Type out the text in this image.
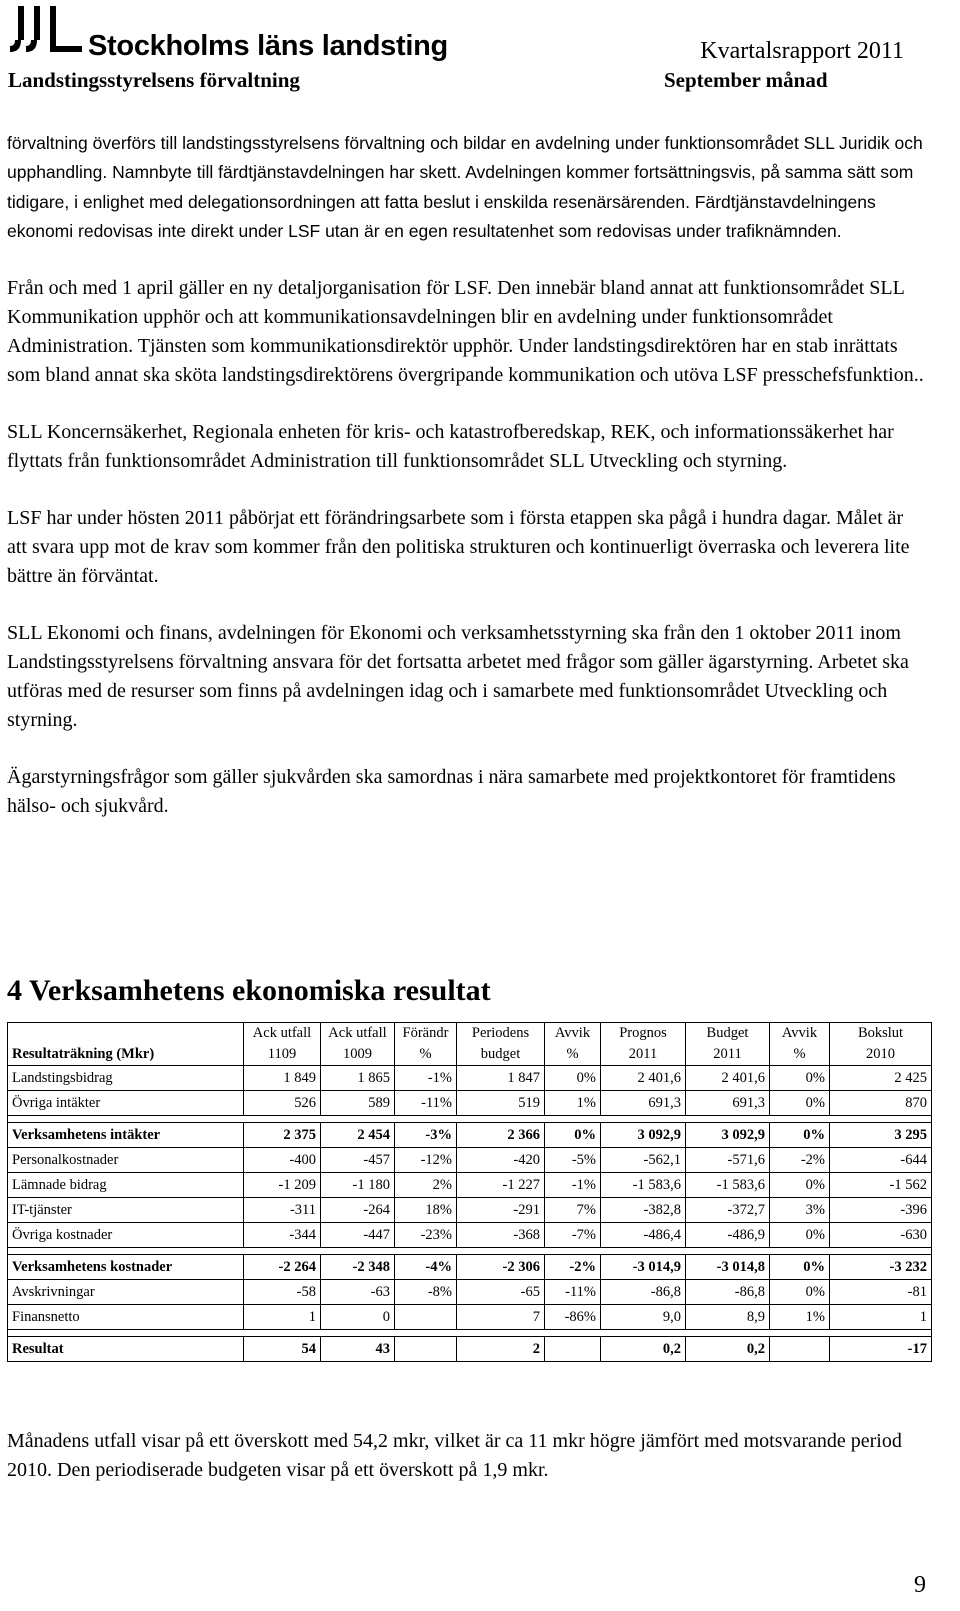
Stockholms läns landsting
Landstingsstyrelsens förvaltning
Kvartalsrapport 2011
September månad

förvaltning överförs till landstingsstyrelsens förvaltning och bildar en avdelning under funktionsområdet SLL Juridik och upphandling. Namnbyte till färdtjänstavdelningen har skett. Avdelningen kommer fortsättningsvis, på samma sätt som tidigare, i enlighet med delegationsordningen att fatta beslut i enskilda resenärsärenden. Färdtjänstavdelningens ekonomi redovisas inte direkt under LSF utan är en egen resultatenhet som redovisas under trafiknämnden.

Från och med 1 april gäller en ny detaljorganisation för LSF. Den innebär bland annat att funktionsområdet SLL Kommunikation upphör och att kommunikationsavdelningen blir en avdelning under funktionsområdet Administration. Tjänsten som kommunikationsdirektör upphör. Under landstingsdirektören har en stab inrättats som bland annat ska sköta landstingsdirektörens övergripande kommunikation och utöva LSF presschefsfunktion..

SLL Koncernsäkerhet, Regionala enheten för kris- och katastrofberedskap, REK, och informationssäkerhet har flyttats från funktionsområdet Administration till funktionsområdet SLL Utveckling och styrning.

LSF har under hösten 2011 påbörjat ett förändringsarbete som i första etappen ska pågå i hundra dagar. Målet är att svara upp mot de krav som kommer från den politiska strukturen och kontinuerligt överraska och leverera lite bättre än förväntat.

SLL Ekonomi och finans, avdelningen för Ekonomi och verksamhetsstyrning ska från den 1 oktober 2011 inom Landstingsstyrelsens förvaltning ansvara för det fortsatta arbetet med frågor som gäller ägarstyrning. Arbetet ska utföras med de resurser som finns på avdelningen idag och i samarbete med funktionsområdet Utveckling och styrning.

Ägarstyrningsfrågor som gäller sjukvården ska samordnas i nära samarbete med projektkontoret för framtidens hälso- och sjukvård.

4 Verksamhetens ekonomiska resultat
	Ack utfall	Ack utfall	Förändr	Periodens	Avvik	Prognos	Budget	Avvik	Bokslut
Resultaträkning (Mkr)	1109	1009	%	budget	%	2011	2011	%	2010
Landstingsbidrag	1 849	1 865	-1%	1 847	0%	2 401,6	2 401,6	0%	2 425
Övriga intäkter	526	589	-11%	519	1%	691,3	691,3	0%	870

Verksamhetens intäkter	2 375	2 454	-3%	2 366	0%	3 092,9	3 092,9	0%	3 295
Personalkostnader	-400	-457	-12%	-420	-5%	-562,1	-571,6	-2%	-644
Lämnade bidrag	-1 209	-1 180	2%	-1 227	-1%	-1 583,6	-1 583,6	0%	-1 562
IT-tjänster	-311	-264	18%	-291	7%	-382,8	-372,7	3%	-396
Övriga kostnader	-344	-447	-23%	-368	-7%	-486,4	-486,9	0%	-630

Verksamhetens kostnader	-2 264	-2 348	-4%	-2 306	-2%	-3 014,9	-3 014,8	0%	-3 232
Avskrivningar	-58	-63	-8%	-65	-11%	-86,8	-86,8	0%	-81
Finansnetto	1	0		7	-86%	9,0	8,9	1%	1

Resultat	54	43		2		0,2	0,2		-17
Månadens utfall visar på ett överskott med 54,2 mkr, vilket är ca 11 mkr högre jämfört med motsvarande period 2010. Den periodiserade budgeten visar på ett överskott på 1,9 mkr.
9
